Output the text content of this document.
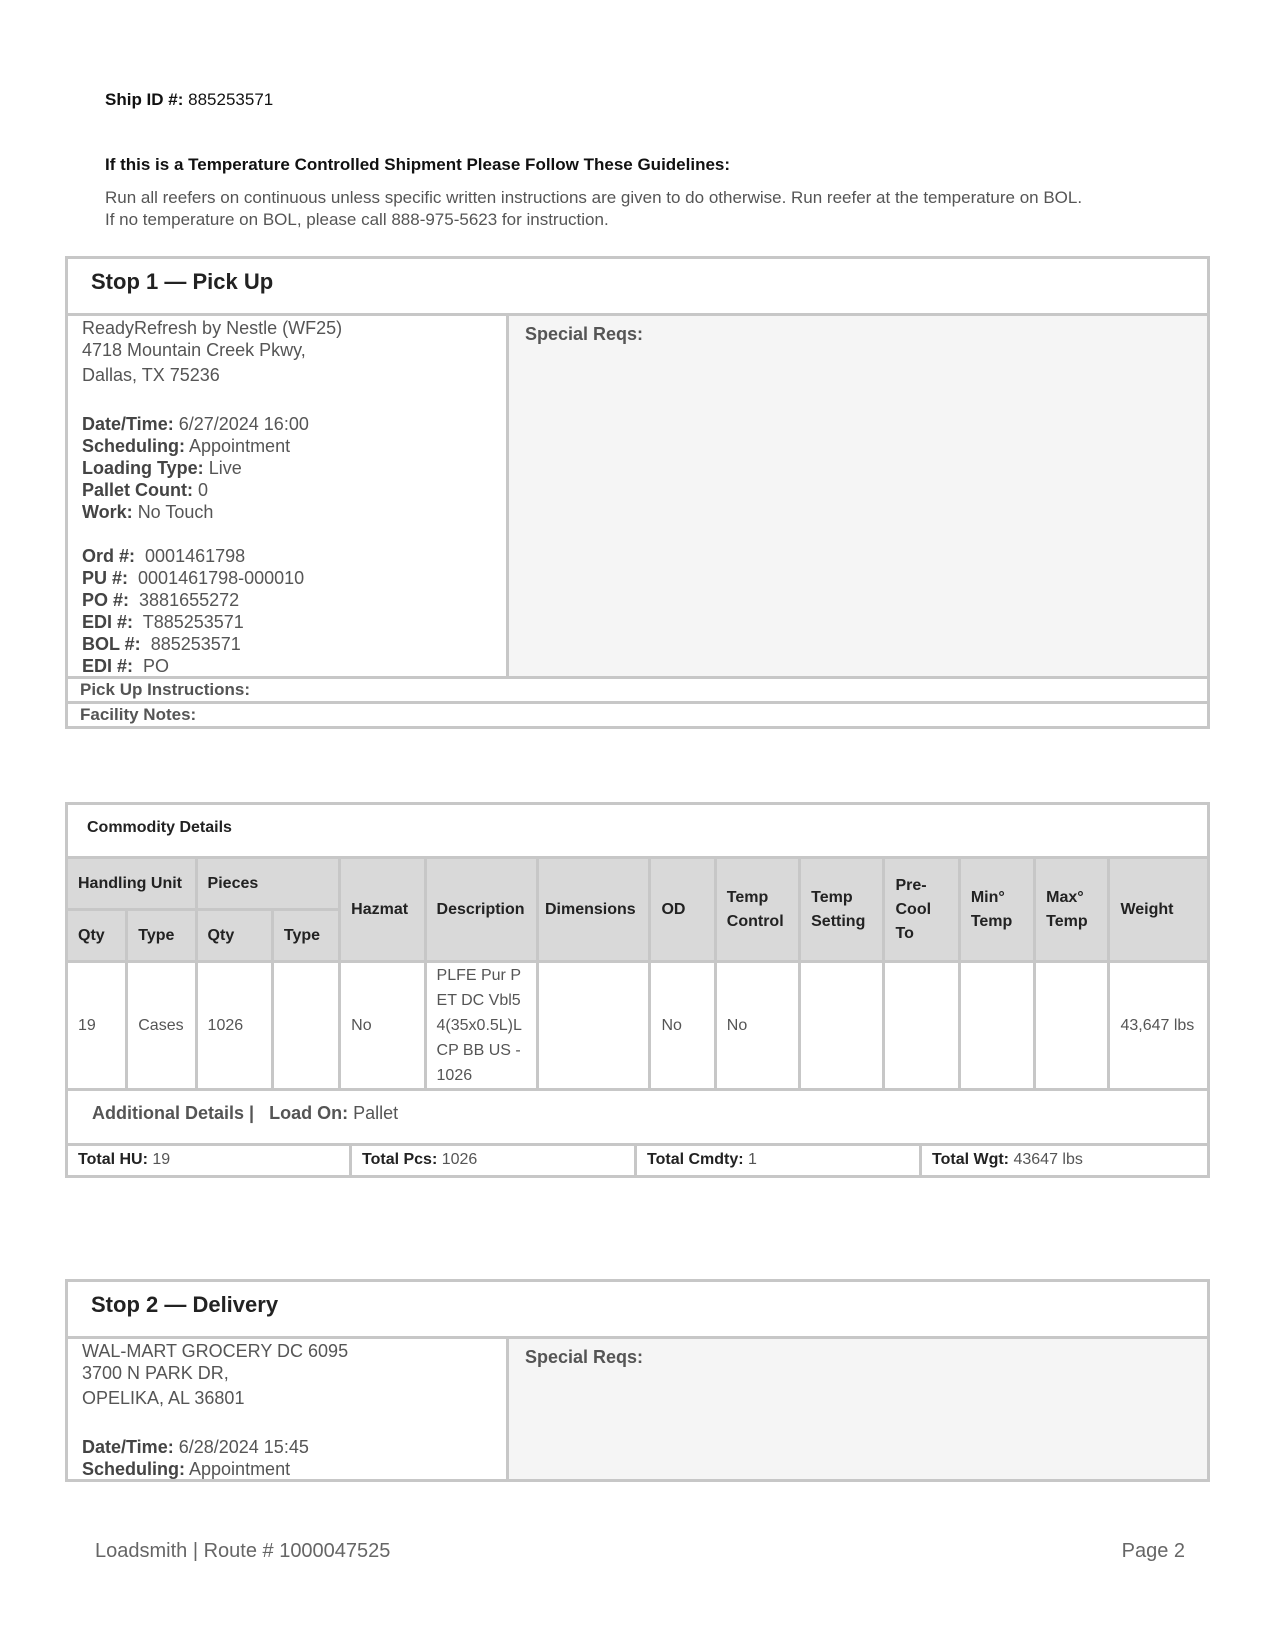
Ship ID #: 885253571
If this is a Temperature Controlled Shipment Please Follow These Guidelines:
Run all reefers on continuous unless specific written instructions are given to do otherwise. Run reefer at the temperature on BOL.
If no temperature on BOL, please call 888-975-5623 for instruction.
Stop 1 — Pick Up
ReadyRefresh by Nestle (WF25)
4718 Mountain Creek Pkwy,
Dallas, TX 75236
Date/Time: 6/27/2024 16:00
Scheduling: Appointment
Loading Type: Live
Pallet Count: 0
Work: No Touch
Ord #: 0001461798
PU #: 0001461798-000010
PO #: 3881655272
EDI #: T885253571
BOL #: 885253571
EDI #: PO
Special Reqs:
Pick Up Instructions:
Facility Notes:
Commodity Details
Handling Unit		Pieces		Hazmat	Description	Dimensions	OD	Temp Control	Temp Setting	Pre-Cool To	Min° Temp	Max° Temp	Weight
Qty	Type	Qty	Type										
19	Cases	1026		No	PLFE Pur PET DC Vbl54(35x0.5L)LCP BB US - 1026		No	No					43,647 lbs
Additional Details | Load On: Pallet
Total HU: 19	Total Pcs: 1026	Total Cmdty: 1	Total Wgt: 43647 lbs
Stop 2 — Delivery
WAL-MART GROCERY DC 6095
3700 N PARK DR,
OPELIKA, AL 36801
Date/Time: 6/28/2024 15:45
Scheduling: Appointment
Special Reqs:
Loadsmith | Route # 1000047525	Page 2
